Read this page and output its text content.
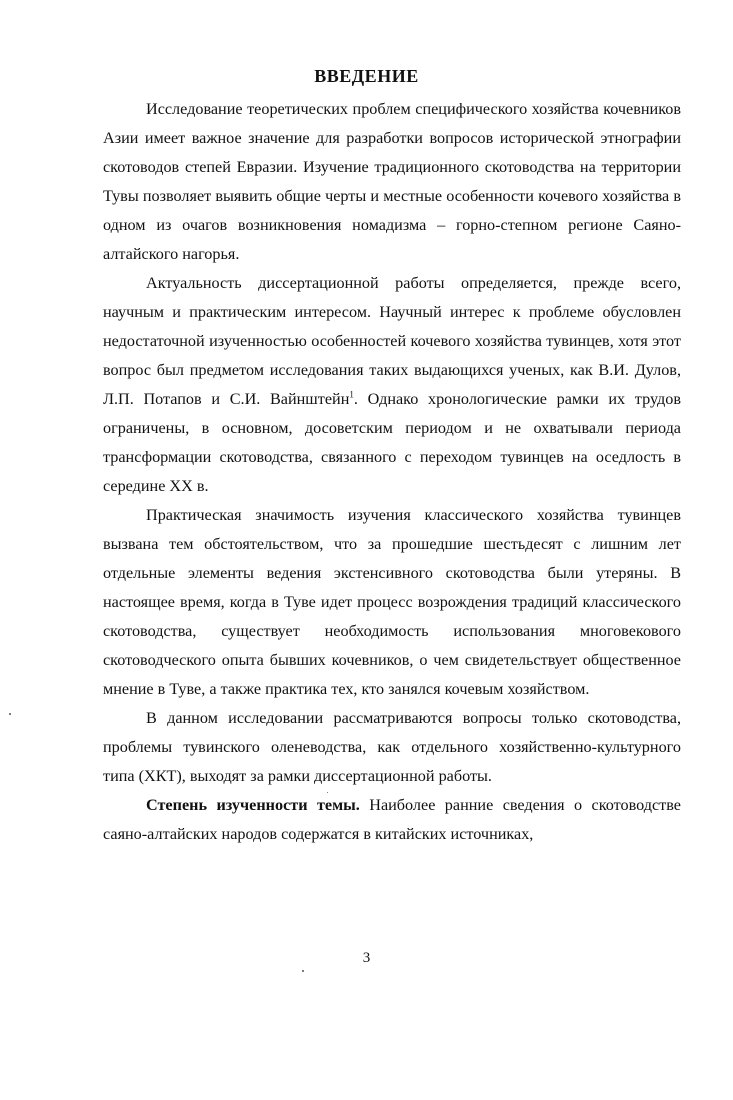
ВВЕДЕНИЕ

Исследование теоретических проблем специфического хозяйства кочевников Азии имеет важное значение для разработки вопросов исторической этнографии скотоводов степей Евразии. Изучение традиционного скотоводства на территории Тувы позволяет выявить общие черты и местные особенности кочевого хозяйства в одном из очагов возникновения номадизма – горно-степном регионе Саяно-алтайского нагорья.

Актуальность диссертационной работы определяется, прежде всего, научным и практическим интересом. Научный интерес к проблеме обусловлен недостаточной изученностью особенностей кочевого хозяйства тувинцев, хотя этот вопрос был предметом исследования таких выдающихся ученых, как В.И. Дулов, Л.П. Потапов и С.И. Вайнштейн$^1$. Однако хронологические рамки их трудов ограничены, в основном, досоветским периодом и не охватывали периода трансформации скотоводства, связанного с переходом тувинцев на оседлость в середине XX в.

Практическая значимость изучения классического хозяйства тувинцев вызвана тем обстоятельством, что за прошедшие шестьдесят с лишним лет отдельные элементы ведения экстенсивного скотоводства были утеряны. В настоящее время, когда в Туве идет процесс возрождения традиций классического скотоводства, существует необходимость использования многовекового скотоводческого опыта бывших кочевников, о чем свидетельствует общественное мнение в Туве, а также практика тех, кто занялся кочевым хозяйством.

В данном исследовании рассматриваются вопросы только скотоводства, проблемы тувинского оленеводства, как отдельного хозяйственно-культурного типа (ХКТ), выходят за рамки диссертационной работы.

Степень изученности темы. Наиболее ранние сведения о скотоводстве саяно-алтайских народов содержатся в китайских источниках,

3
